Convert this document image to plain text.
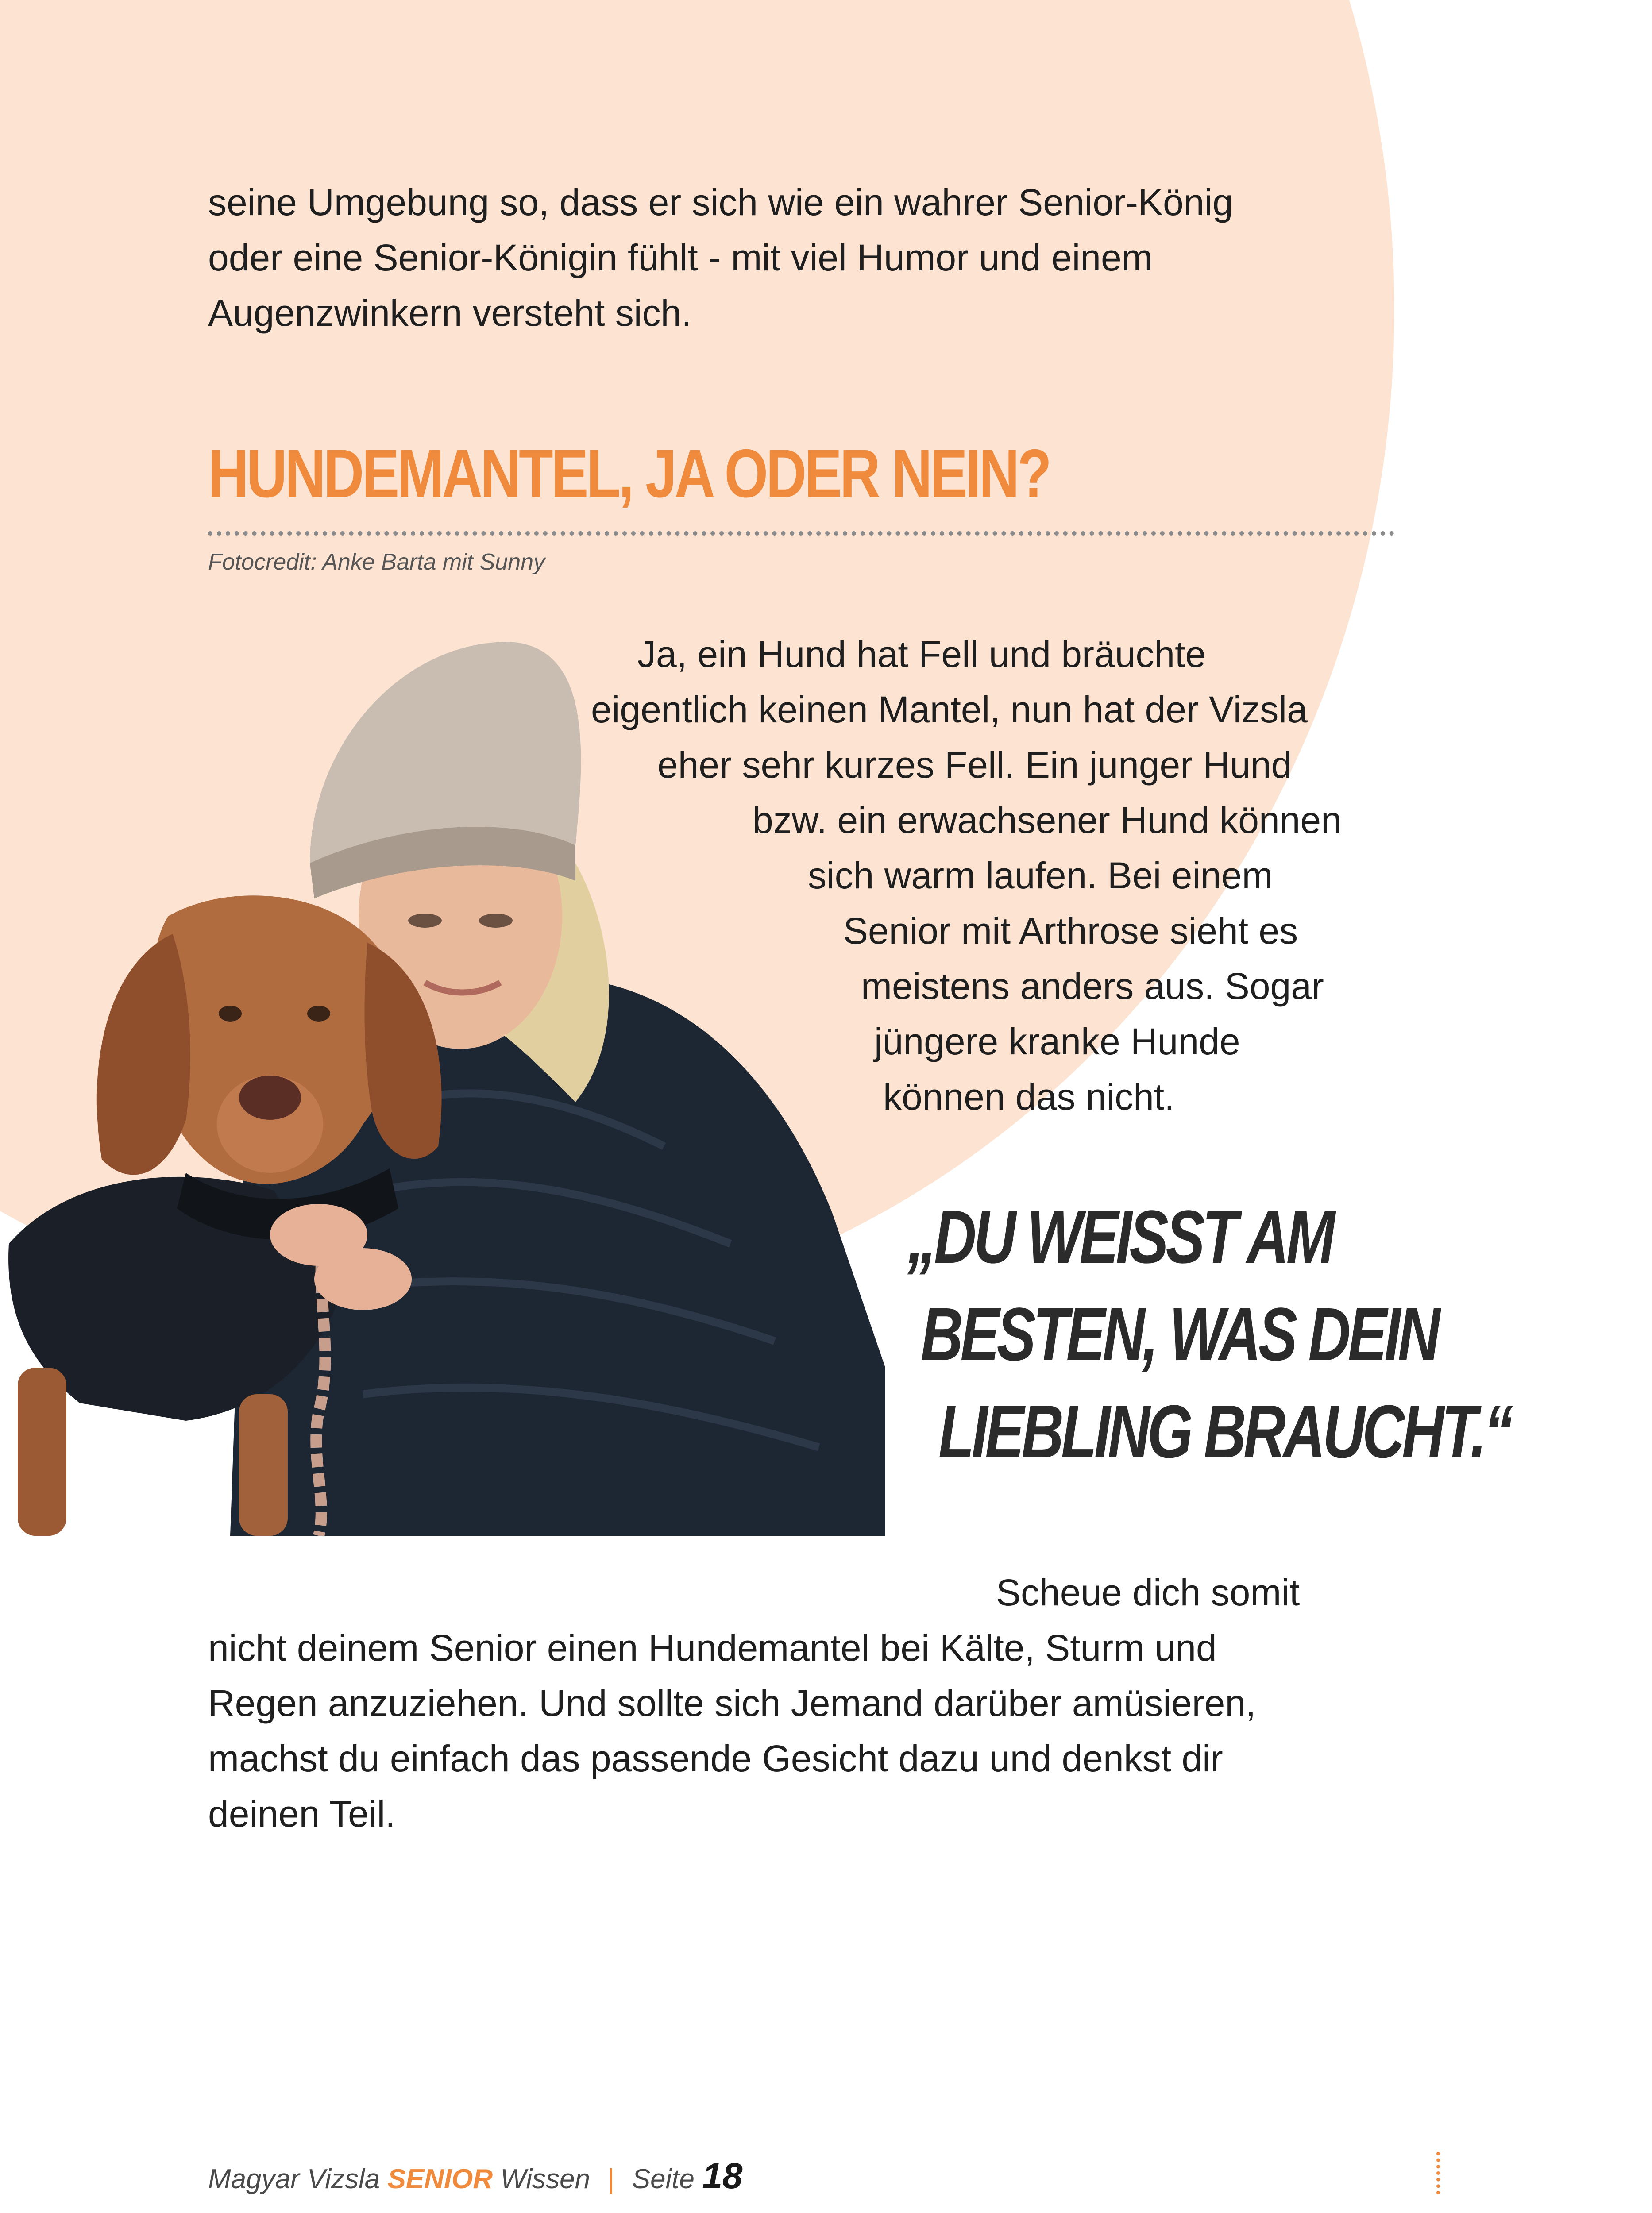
seine Umgebung so, dass er sich wie ein wahrer Senior-König
oder eine Senior-Königin fühlt - mit viel Humor und einem
Augenzwinkern versteht sich.
HUNDEMANTEL, JA ODER NEIN?
Fotocredit: Anke Barta mit Sunny
Ja, ein Hund hat Fell und bräuchte
eigentlich keinen Mantel, nun hat der Vizsla
eher sehr kurzes Fell. Ein junger Hund
bzw. ein erwachsener Hund können
sich warm laufen. Bei einem
Senior mit Arthrose sieht es
meistens anders aus. Sogar
jüngere kranke Hunde
können das nicht.
„DU WEISST AM
BESTEN, WAS DEIN
LIEBLING BRAUCHT.“
Scheue dich somit
nicht deinem Senior einen Hundemantel bei Kälte, Sturm und
Regen anzuziehen. Und sollte sich Jemand darüber amüsieren,
machst du einfach das passende Gesicht dazu und denkst dir
deinen Teil.
Magyar Vizsla SENIOR Wissen | Seite 18
